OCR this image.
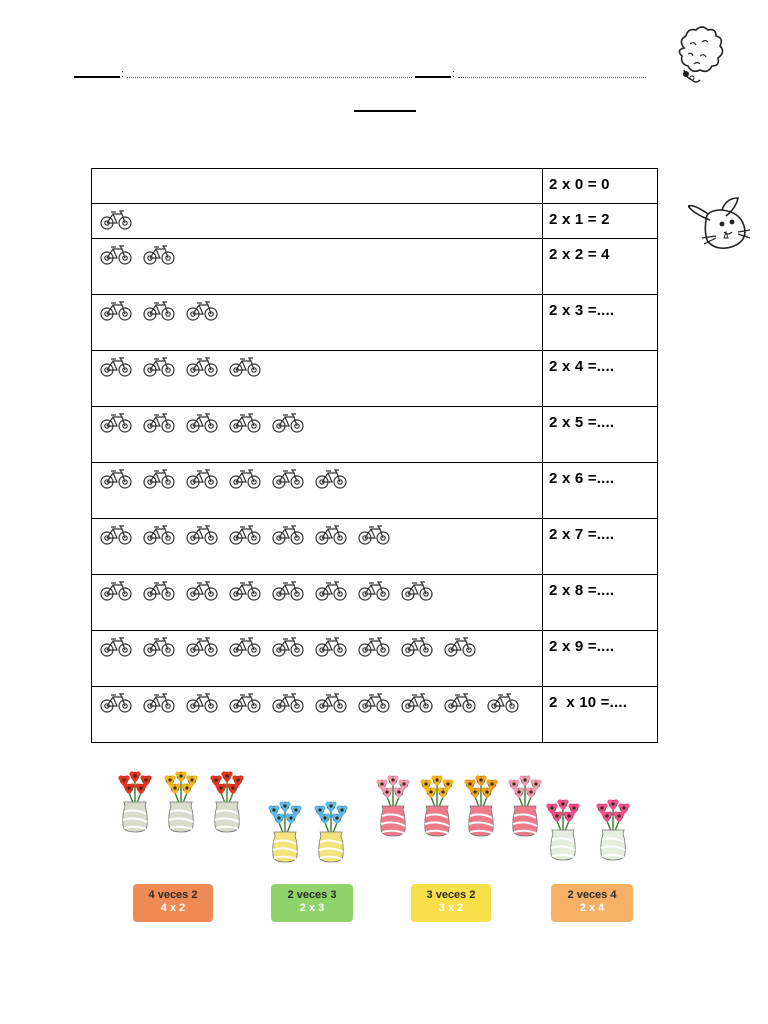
:	:
	2 x 0 = 0

	2 x 1 = 2

	2 x 2 = 4

	2 x 3 =....

	2 x 4 =....

	2 x 5 =....

	2 x 6 =....

	2 x 7 =....

	2 x 8 =....

	2 x 9 =....

	2  x 10 =....
4 veces 2
4 x 2
2 veces 3
2 x 3
3 veces 2
3 x 2
2 veces 4
2 x 4
